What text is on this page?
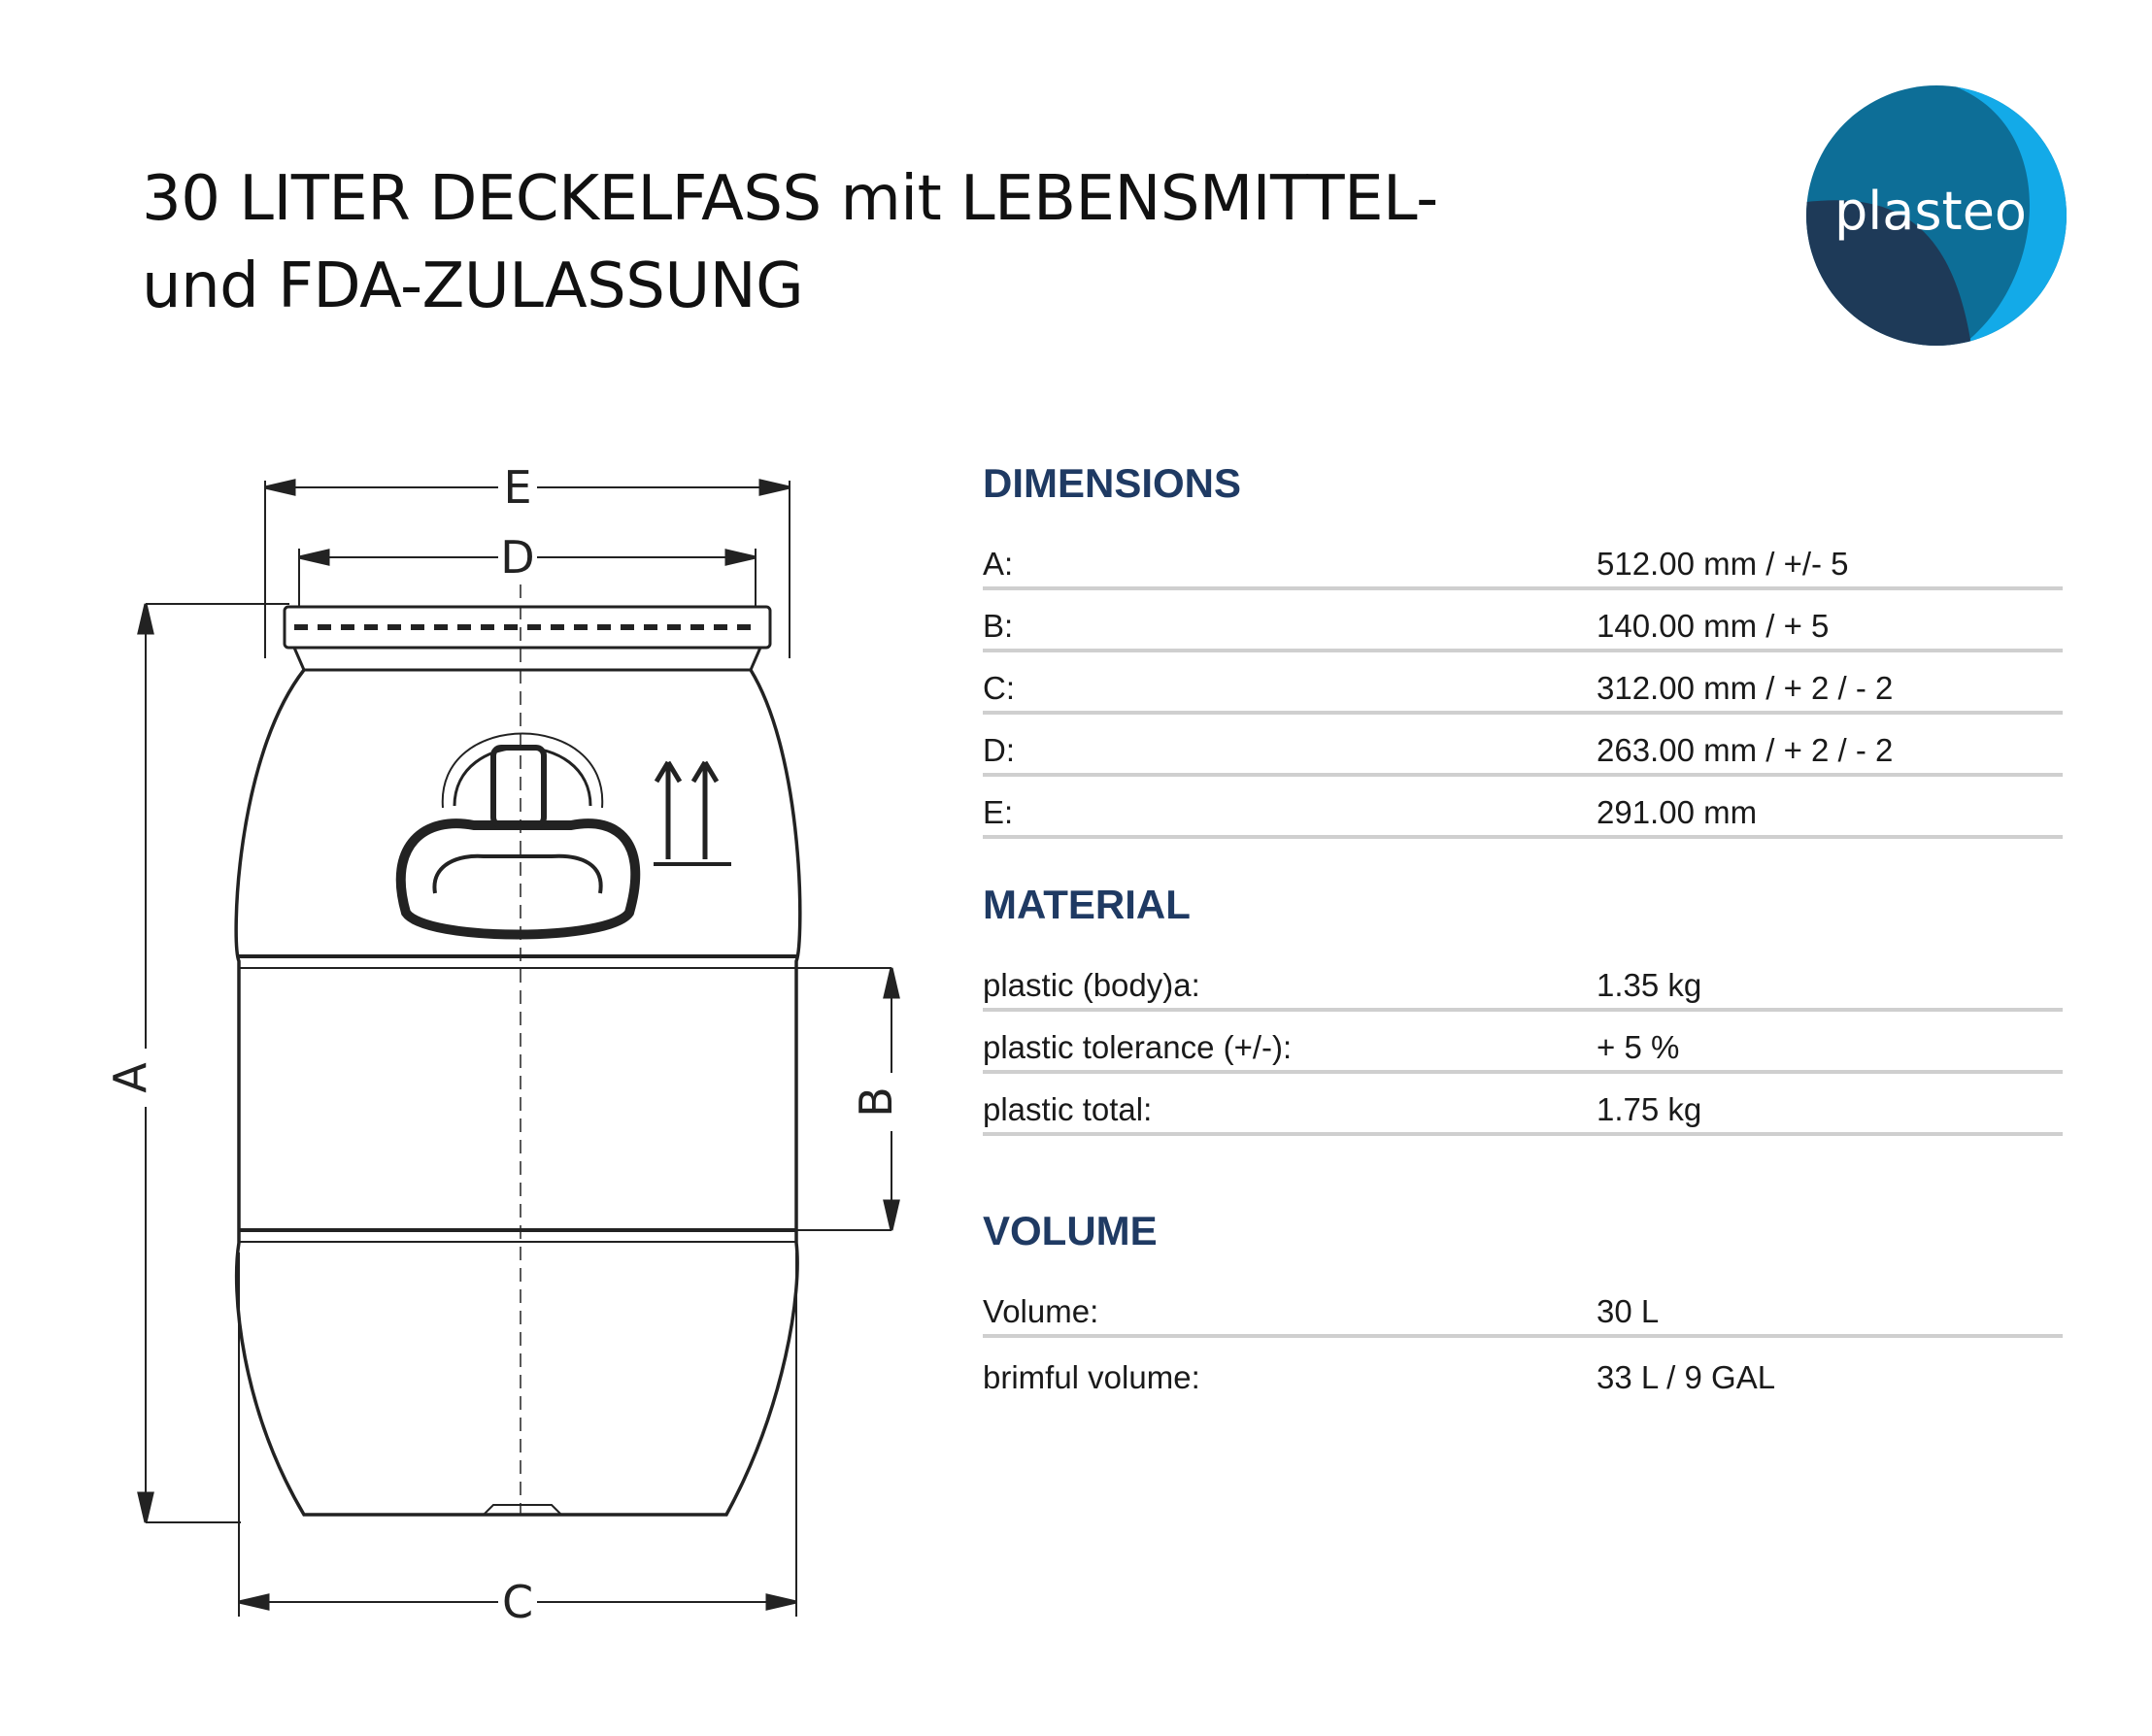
30 LITER DECKELFASS mit LEBENSMITTEL-
und FDA-ZULASSUNG
plasteo
E
D
A
B
C
DIMENSIONS
A:	512.00 mm / +/- 5
B:	140.00 mm / + 5
C:	312.00 mm / + 2 / - 2
D:	263.00 mm / + 2 / - 2
E:	291.00 mm
MATERIAL
plastic (body)a:	1.35 kg
plastic tolerance (+/-):	+ 5 %
plastic total:	1.75 kg
VOLUME
Volume:	30 L
brimful volume:	33 L / 9 GAL
